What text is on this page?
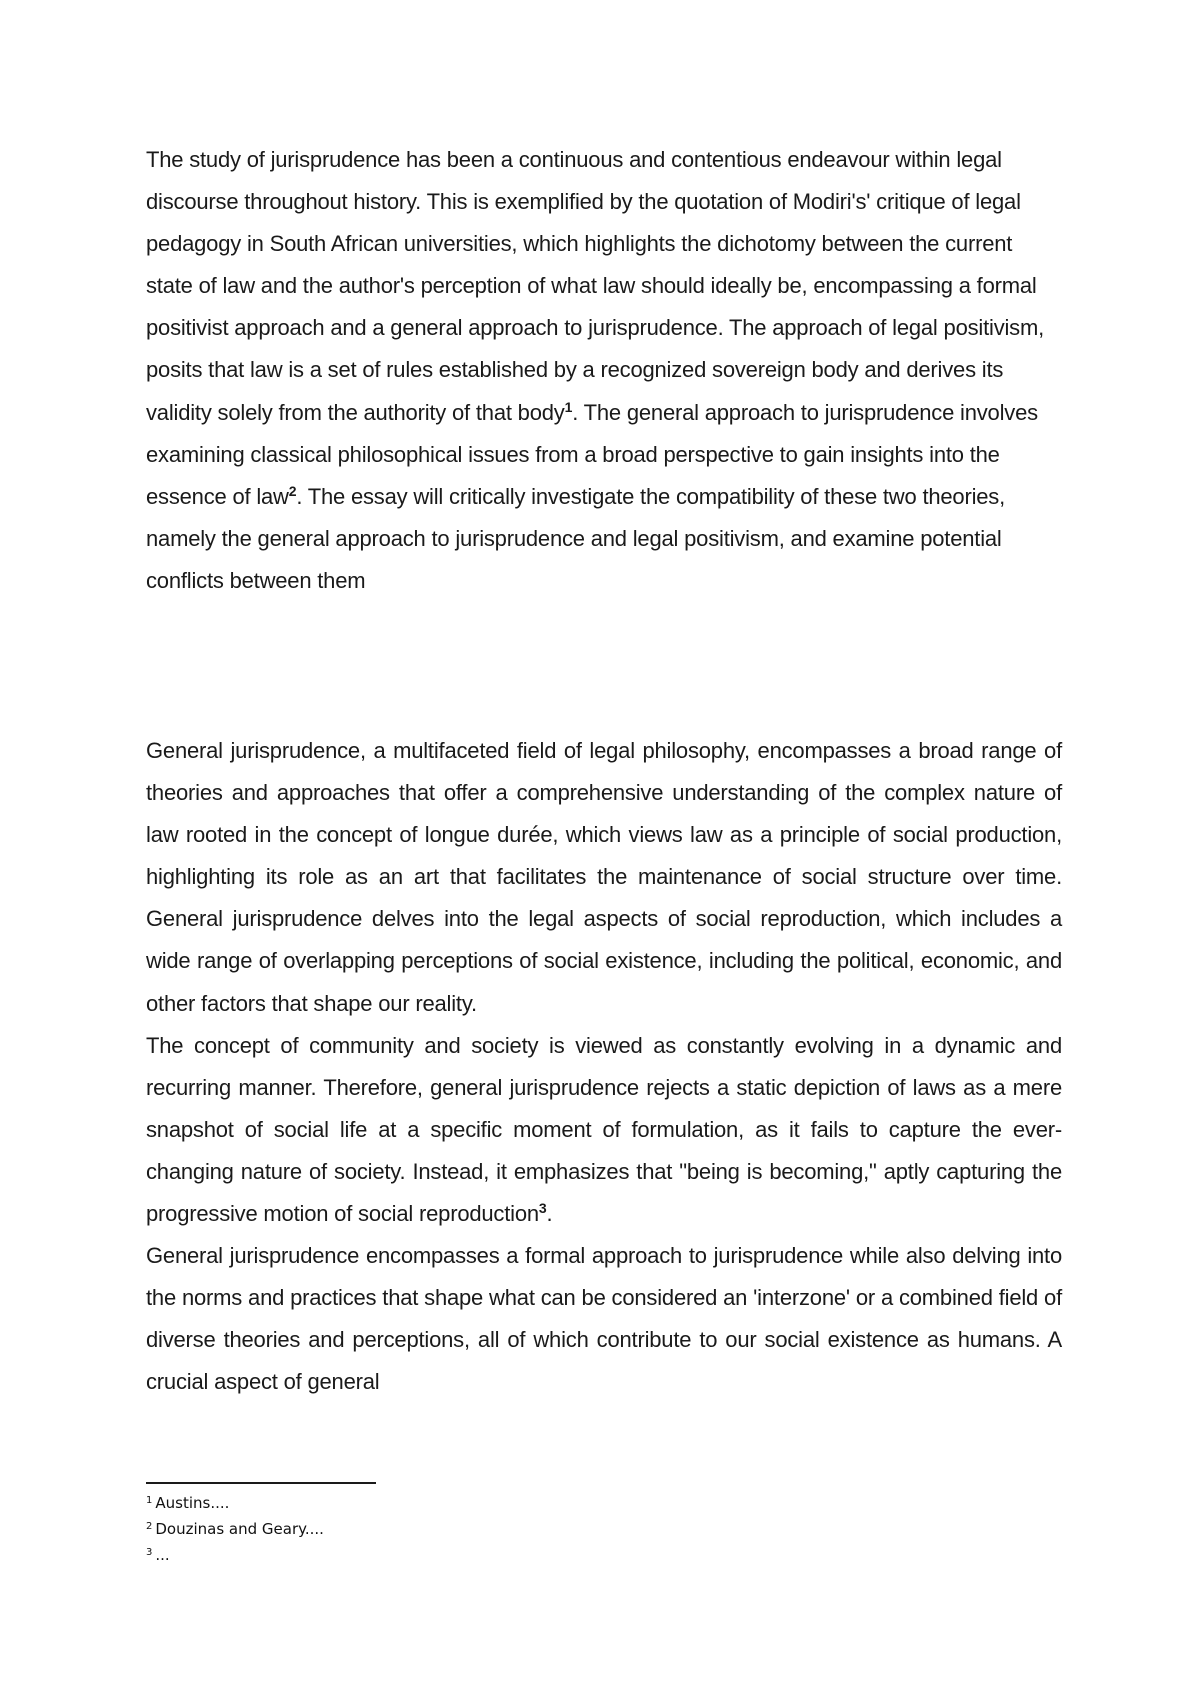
The study of jurisprudence has been a continuous and contentious endeavour within legal discourse throughout history. This is exemplified by the quotation of Modiri's' critique of legal pedagogy in South African universities, which highlights the dichotomy between the current state of law and the author's perception of what law should ideally be, encompassing a formal positivist approach and a general approach to jurisprudence. The approach of legal positivism, posits that law is a set of rules established by a recognized sovereign body and derives its validity solely from the authority of that body$^1$. The general approach to jurisprudence involves examining classical philosophical issues from a broad perspective to gain insights into the essence of law$^2$. The essay will critically investigate the compatibility of these two theories, namely the general approach to jurisprudence and legal positivism, and examine potential conflicts between them

General jurisprudence, a multifaceted field of legal philosophy, encompasses a broad range of theories and approaches that offer a comprehensive understanding of the complex nature of law rooted in the concept of longue durée, which views law as a principle of social production, highlighting its role as an art that facilitates the maintenance of social structure over time. General jurisprudence delves into the legal aspects of social reproduction, which includes a wide range of overlapping perceptions of social existence, including the political, economic, and other factors that shape our reality.

The concept of community and society is viewed as constantly evolving in a dynamic and recurring manner. Therefore, general jurisprudence rejects a static depiction of laws as a mere snapshot of social life at a specific moment of formulation, as it fails to capture the ever-changing nature of society. Instead, it emphasizes that "being is becoming," aptly capturing the progressive motion of social reproduction$^3$.

General jurisprudence encompasses a formal approach to jurisprudence while also delving into the norms and practices that shape what can be considered an 'interzone' or a combined field of diverse theories and perceptions, all of which contribute to our social existence as humans. A crucial aspect of general

$^1$ Austins....

$^2$ Douzinas and Geary....

$^3$ ...
